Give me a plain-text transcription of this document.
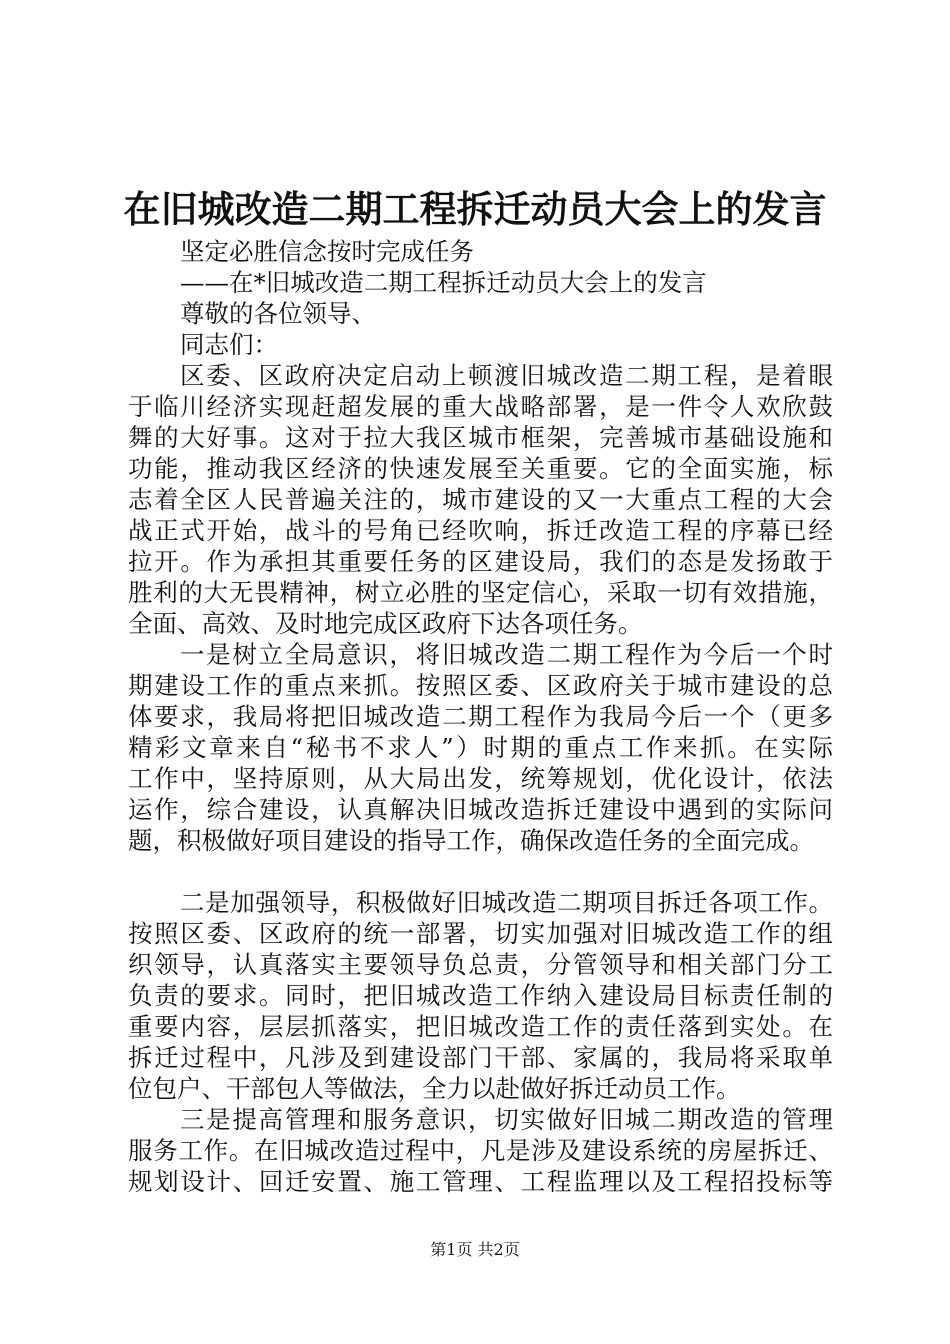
在旧城改造二期工程拆迁动员大会上的发言
坚定必胜信念按时完成任务
——在*旧城改造二期工程拆迁动员大会上的发言
尊敬的各位领导、
同志们：
区委、区政府决定启动上顿渡旧城改造二期工程，是着眼
于临川经济实现赶超发展的重大战略部署，是一件令人欢欣鼓
舞的大好事。这对于拉大我区城市框架，完善城市基础设施和
功能，推动我区经济的快速发展至关重要。它的全面实施，标
志着全区人民普遍关注的，城市建设的又一大重点工程的大会
战正式开始，战斗的号角已经吹响，拆迁改造工程的序幕已经
拉开。作为承担其重要任务的区建设局，我们的态是发扬敢于
胜利的大无畏精神，树立必胜的坚定信心，采取一切有效措施，
全面、高效、及时地完成区政府下达各项任务。
一是树立全局意识，将旧城改造二期工程作为今后一个时
期建设工作的重点来抓。按照区委、区政府关于城市建设的总
体要求，我局将把旧城改造二期工程作为我局今后一个（更多
精彩文章来自“秘书不求人”）时期的重点工作来抓。在实际
工作中，坚持原则，从大局出发，统筹规划，优化设计，依法
运作，综合建设，认真解决旧城改造拆迁建设中遇到的实际问
题，积极做好项目建设的指导工作，确保改造任务的全面完成。
二是加强领导，积极做好旧城改造二期项目拆迁各项工作。
按照区委、区政府的统一部署，切实加强对旧城改造工作的组
织领导，认真落实主要领导负总责，分管领导和相关部门分工
负责的要求。同时，把旧城改造工作纳入建设局目标责任制的
重要内容，层层抓落实，把旧城改造工作的责任落到实处。在
拆迁过程中，凡涉及到建设部门干部、家属的，我局将采取单
位包户、干部包人等做法，全力以赴做好拆迁动员工作。
三是提高管理和服务意识，切实做好旧城二期改造的管理
服务工作。在旧城改造过程中，凡是涉及建设系统的房屋拆迁、
规划设计、回迁安置、施工管理、工程监理以及工程招投标等
第1页 共2页
